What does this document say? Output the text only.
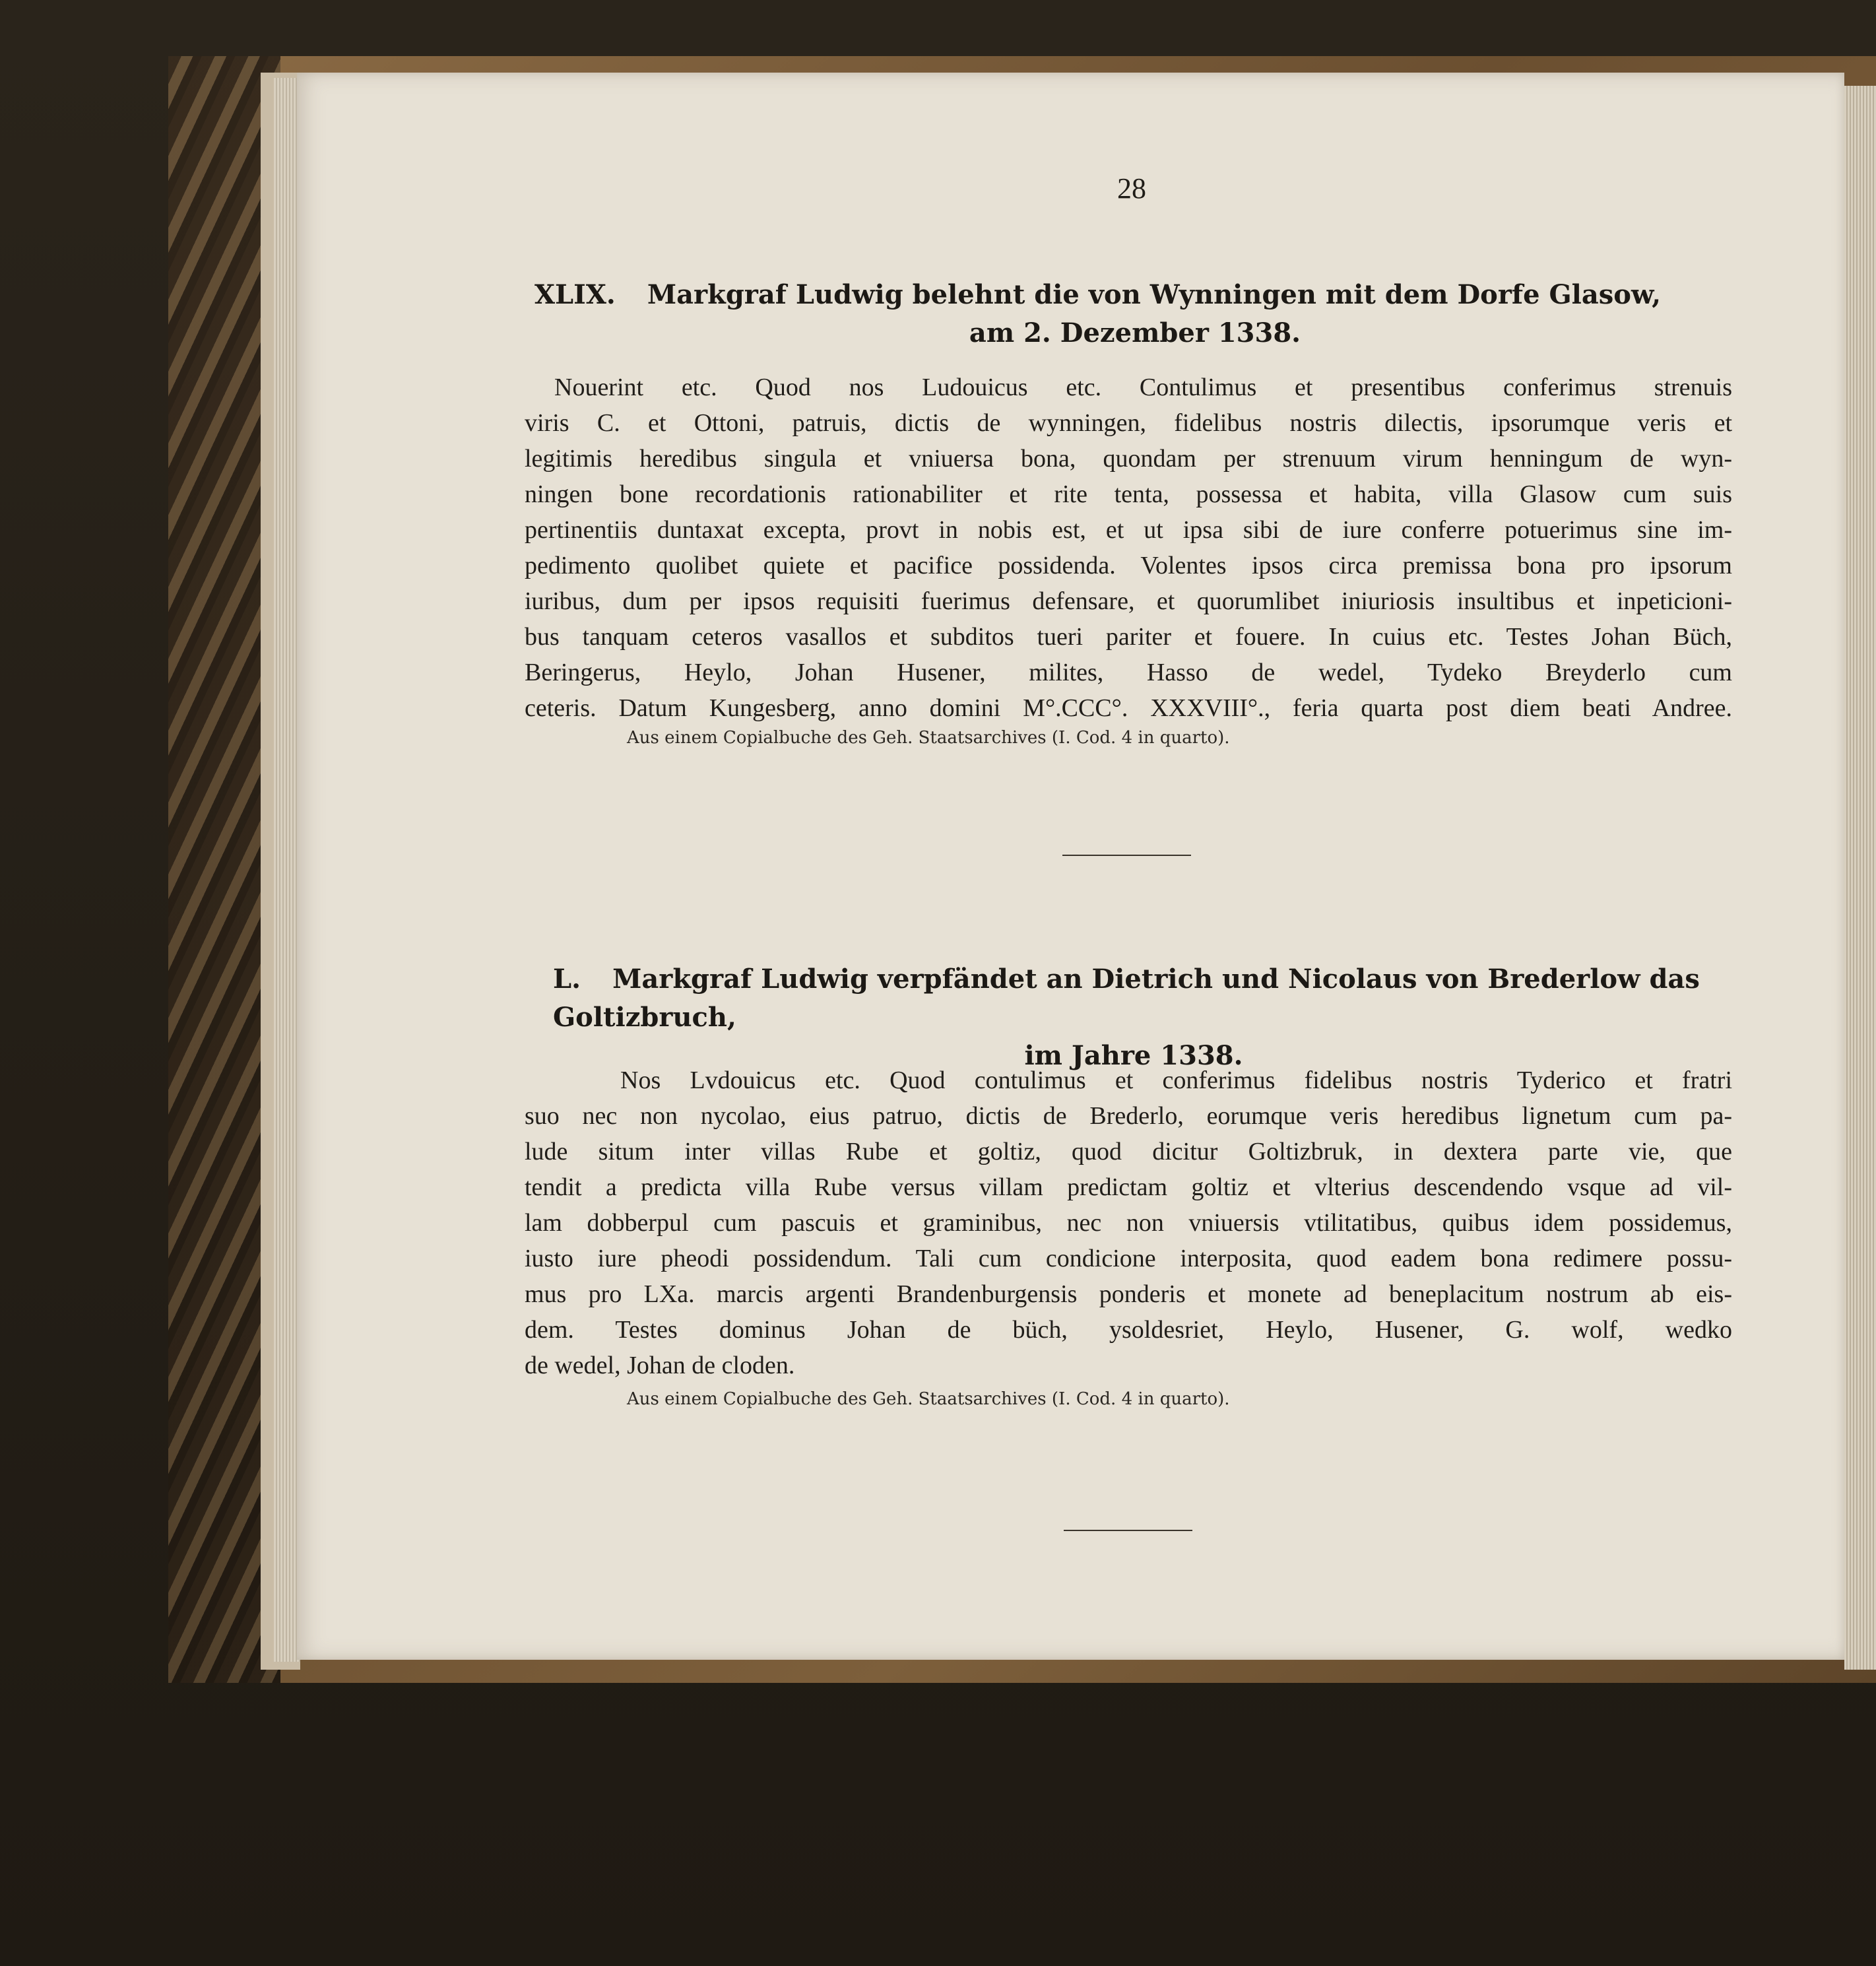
28
XLIX. Markgraf Ludwig belehnt die von Wynningen mit dem Dorfe Glasow,
am 2. Dezember 1338.
Nouerint etc. Quod nos Ludouicus etc. Contulimus et presentibus conferimus strenuis
viris C. et Ottoni, patruis, dictis de wynningen, fidelibus nostris dilectis, ipsorumque veris et
legitimis heredibus singula et vniuersa bona, quondam per strenuum virum henningum de wyn-
ningen bone recordationis rationabiliter et rite tenta, possessa et habita, villa Glasow cum suis
pertinentiis duntaxat excepta, provt in nobis est, et ut ipsa sibi de iure conferre potuerimus sine im-
pedimento quolibet quiete et pacifice possidenda. Volentes ipsos circa premissa bona pro ipsorum
iuribus, dum per ipsos requisiti fuerimus defensare, et quorumlibet iniuriosis insultibus et inpeticioni-
bus tanquam ceteros vasallos et subditos tueri pariter et fouere. In cuius etc. Testes Johan Büch,
Beringerus, Heylo, Johan Husener, milites, Hasso de wedel, Tydeko Breyderlo cum
ceteris. Datum Kungesberg, anno domini M°.CCC°. XXXVIII°., feria quarta post diem beati Andree.
Aus einem Copialbuche des Geh. Staatsarchives (I. Cod. 4 in quarto).
L. Markgraf Ludwig verpfändet an Dietrich und Nicolaus von Brederlow das Goltizbruch,
im Jahre 1338.
Nos Lvdouicus etc. Quod contulimus et conferimus fidelibus nostris Tyderico et fratri
suo nec non nycolao, eius patruo, dictis de Brederlo, eorumque veris heredibus lignetum cum pa-
lude situm inter villas Rube et goltiz, quod dicitur Goltizbruk, in dextera parte vie, que
tendit a predicta villa Rube versus villam predictam goltiz et vlterius descendendo vsque ad vil-
lam dobberpul cum pascuis et graminibus, nec non vniuersis vtilitatibus, quibus idem possidemus,
iusto iure pheodi possidendum. Tali cum condicione interposita, quod eadem bona redimere possu-
mus pro LXa. marcis argenti Brandenburgensis ponderis et monete ad beneplacitum nostrum ab eis-
dem. Testes dominus Johan de büch, ysoldesriet, Heylo, Husener, G. wolf, wedko
de wedel, Johan de cloden.
Aus einem Copialbuche des Geh. Staatsarchives (I. Cod. 4 in quarto).
